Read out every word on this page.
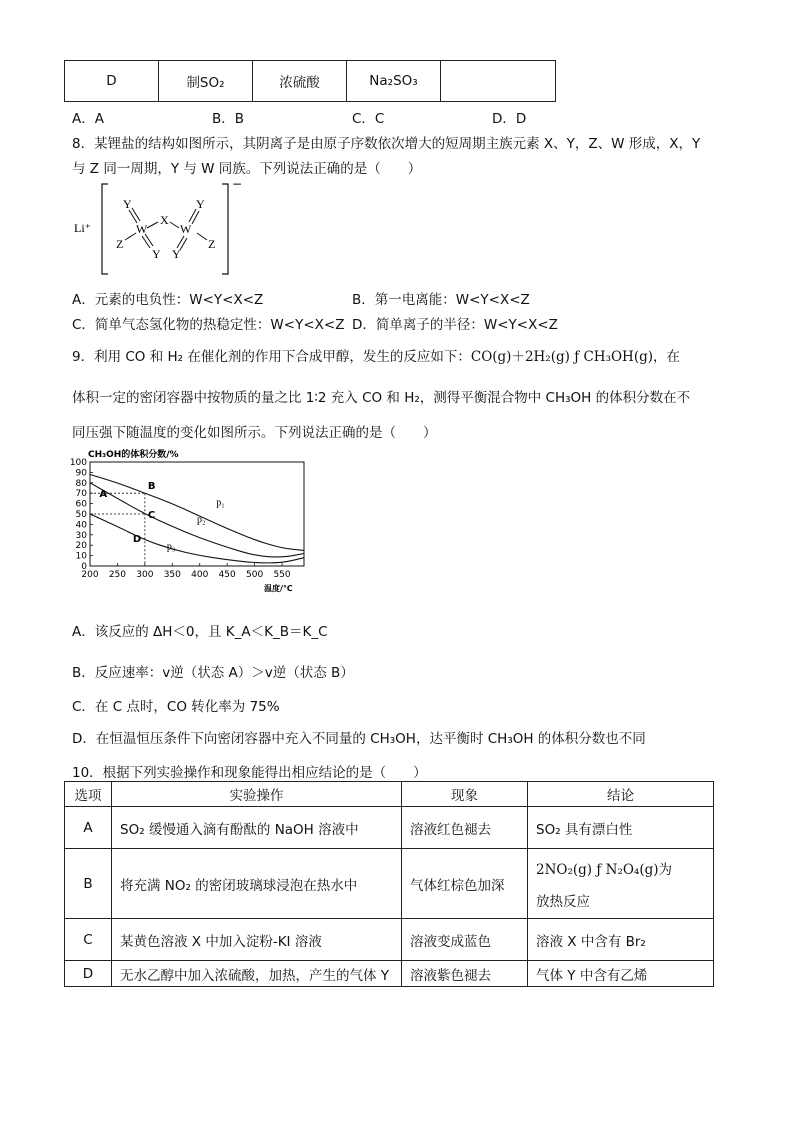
D	制SO₂	浓硫酸	Na₂SO₃	
A．A	B．B	C．C	D．D
8．某锂盐的结构如图所示，其阴离子是由原子序数依次增大的短周期主族元素 X、Y，Z、W 形成，X，Y
与 Z 同一周期，Y 与 W 同族。下列说法正确的是（　　）
Li⁺
−
Y
W
X
W
Y
Z	Z
Y Y
A．元素的电负性：W<Y<X<Z	B．第一电离能：W<Y<X<Z
C．简单气态氢化物的热稳定性：W<Y<X<Z D．简单离子的半径：W<Y<X<Z
9．利用 CO 和 H₂ 在催化剂的作用下合成甲醇，发生的反应如下：CO(g)＋2H₂(g) ƒ CH₃OH(g)，在
体积一定的密闭容器中按物质的量之比 1∶2 充入 CO 和 H₂，测得平衡混合物中 CH₃OH 的体积分数在不
同压强下随温度的变化如图所示。下列说法正确的是（　　）
CH₃OH的体积分数/%
0
10
20
30
40
50
60
70
80
90
100
200 250 300 350 400 450 500 550
温度/℃
p₁
p₂
p₃
A
B
C
D
A．该反应的 ΔH＜0，且 K_A＜K_B＝K_C
B．反应速率：v逆（状态 A）＞v逆（状态 B）
C．在 C 点时，CO 转化率为 75%
D．在恒温恒压条件下向密闭容器中充入不同量的 CH₃OH，达平衡时 CH₃OH 的体积分数也不同
10．根据下列实验操作和现象能得出相应结论的是（　　）
选项	实验操作	现象	结论
A	SO₂ 缓慢通入滴有酚酞的 NaOH 溶液中	溶液红色褪去	SO₂ 具有漂白性
B	将充满 NO₂ 的密闭玻璃球浸泡在热水中	气体红棕色加深	2NO₂(g) ƒ N₂O₄(g)为
放热反应

C	某黄色溶液 X 中加入淀粉-KI 溶液	溶液变成蓝色	溶液 X 中含有 Br₂
D	无水乙醇中加入浓硫酸，加热，产生的气体 Y	溶液紫色褪去	气体 Y 中含有乙烯
